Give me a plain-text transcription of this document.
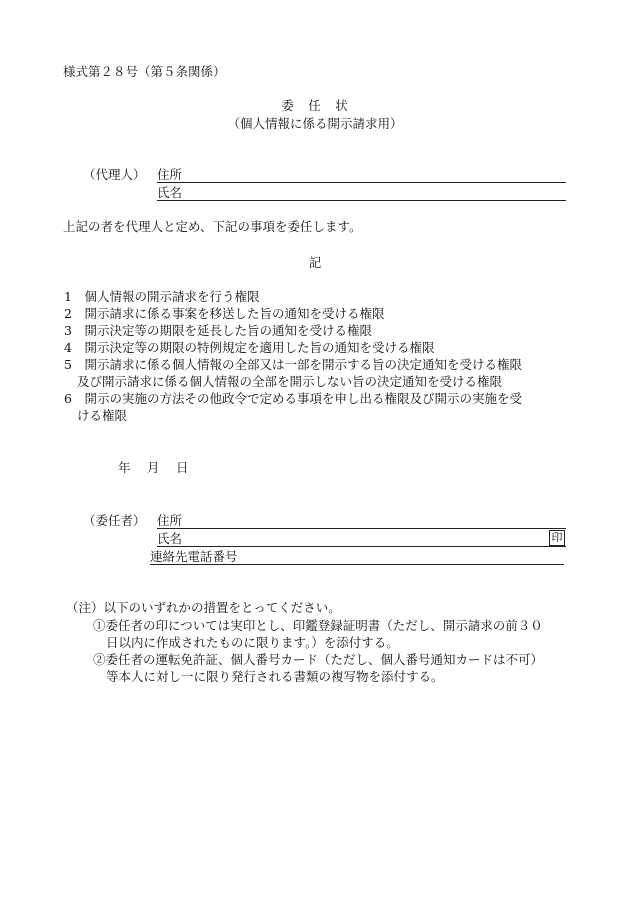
様式第２８号（第５条関係）
委　任　状
（個人情報に係る開示請求用）
（代理人） 住所
氏名
上記の者を代理人と定め、下記の事項を委任します。
記
1　個人情報の開示請求を行う権限
2　開示請求に係る事案を移送した旨の通知を受ける権限
3　開示決定等の期限を延長した旨の通知を受ける権限
4　開示決定等の期限の特例規定を適用した旨の通知を受ける権限
5　開示請求に係る個人情報の全部又は一部を開示する旨の決定通知を受ける権限
及び開示請求に係る個人情報の全部を開示しない旨の決定通知を受ける権限
6　開示の実施の方法その他政令で定める事項を申し出る権限及び開示の実施を受
ける権限
年　月　日
（委任者） 住所
氏名	印
連絡先電話番号
（注）以下のいずれかの措置をとってください。
①委任者の印については実印とし、印鑑登録証明書（ただし、開示請求の前３０
日以内に作成されたものに限ります。）を添付する。
②委任者の運転免許証、個人番号カード（ただし、個人番号通知カードは不可）
等本人に対し一に限り発行される書類の複写物を添付する。
